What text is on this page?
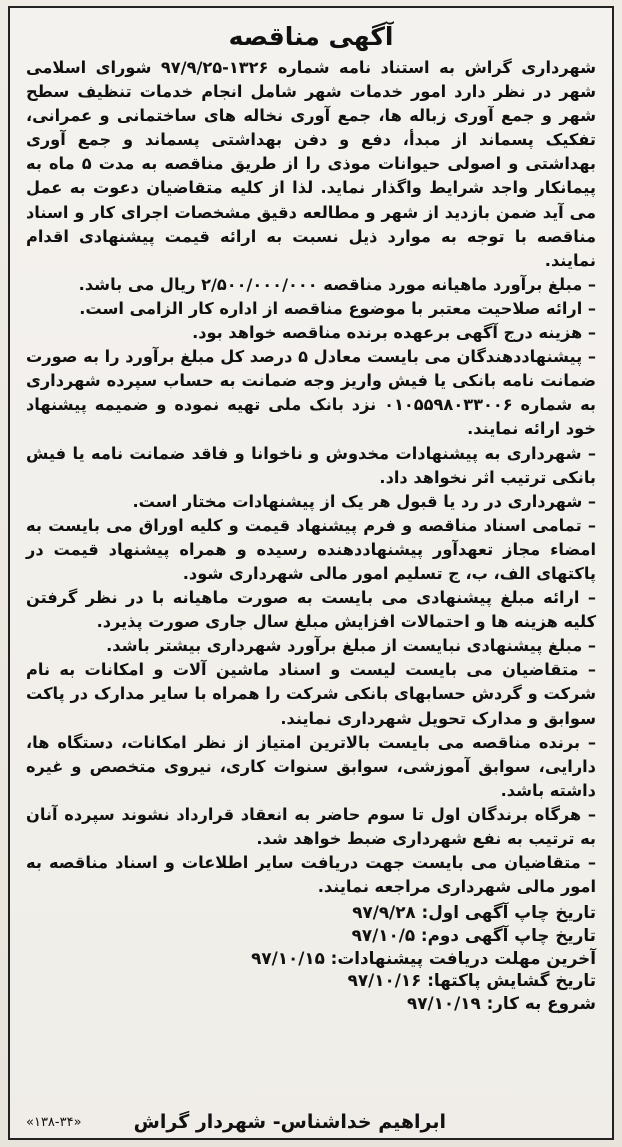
آگهی مناقصه

شهرداری گراش به استناد نامه شماره ۱۳۲۶-۹۷/۹/۲۵ شورای اسلامی شهر در نظر دارد امور خدمات شهر شامل انجام خدمات تنظیف سطح شهر و جمع آوری زباله ها، جمع آوری نخاله های ساختمانی و عمرانی، تفکیک پسماند از مبدأ، دفع و دفن بهداشتی پسماند و جمع آوری بهداشتی و اصولی حیوانات موذی را از طریق مناقصه به مدت ۵ ماه به پیمانکار واجد شرایط واگذار نماید. لذا از کلیه متقاضیان دعوت به عمل می آید ضمن بازدید از شهر و مطالعه دقیق مشخصات اجرای کار و اسناد مناقصه با توجه به موارد ذیل نسبت به ارائه قیمت پیشنهادی اقدام نمایند.

– مبلغ برآورد ماهیانه مورد مناقصه ۲/۵۰۰/۰۰۰/۰۰۰ ریال می باشد.
– ارائه صلاحیت معتبر با موضوع مناقصه از اداره کار الزامی است.
– هزینه درج آگهی برعهده برنده مناقصه خواهد بود.
– پیشنهاددهندگان می بایست معادل ۵ درصد کل مبلغ برآورد را به صورت ضمانت نامه بانکی یا فیش واریز وجه ضمانت به حساب سپرده شهرداری به شماره ۰۱۰۵۵۹۸۰۳۳۰۰۶ نزد بانک ملی تهیه نموده و ضمیمه پیشنهاد خود ارائه نمایند.
– شهرداری به پیشنهادات مخدوش و ناخوانا و فاقد ضمانت نامه یا فیش بانکی ترتیب اثر نخواهد داد.
– شهرداری در رد یا قبول هر یک از پیشنهادات مختار است.
– تمامی اسناد مناقصه و فرم پیشنهاد قیمت و کلیه اوراق می بایست به امضاء مجاز تعهدآور پیشنهاددهنده رسیده و همراه پیشنهاد قیمت در پاکتهای الف، ب، ج تسلیم امور مالی شهرداری شود.
– ارائه مبلغ پیشنهادی می بایست به صورت ماهیانه با در نظر گرفتن کلیه هزینه ها و احتمالات افزایش مبلغ سال جاری صورت پذیرد.
– مبلغ پیشنهادی نبایست از مبلغ برآورد شهرداری بیشتر باشد.
– متقاضیان می بایست لیست و اسناد ماشین آلات و امکانات به نام شرکت و گردش حسابهای بانکی شرکت را همراه با سایر مدارک در پاکت سوابق و مدارک تحویل شهرداری نمایند.
– برنده مناقصه می بایست بالاترین امتیاز از نظر امکانات، دستگاه ها، دارایی، سوابق آموزشی، سوابق سنوات کاری، نیروی متخصص و غیره داشته باشد.
– هرگاه برندگان اول تا سوم حاضر به انعقاد قرارداد نشوند سپرده آنان به ترتیب به نفع شهرداری ضبط خواهد شد.
– متقاضیان می بایست جهت دریافت سایر اطلاعات و اسناد مناقصه به امور مالی شهرداری مراجعه نمایند.
تاریخ چاپ آگهی اول:۹۷/۹/۲۸
تاریخ چاپ آگهی دوم:۹۷/۱۰/۵
آخرین مهلت دریافت پیشنهادات:۹۷/۱۰/۱۵
تاریخ گشایش پاکتها:۹۷/۱۰/۱۶
شروع به کار:۹۷/۱۰/۱۹
ابراهیم خداشناس- شهردار گراش
«۱۳۸-۳۴»
